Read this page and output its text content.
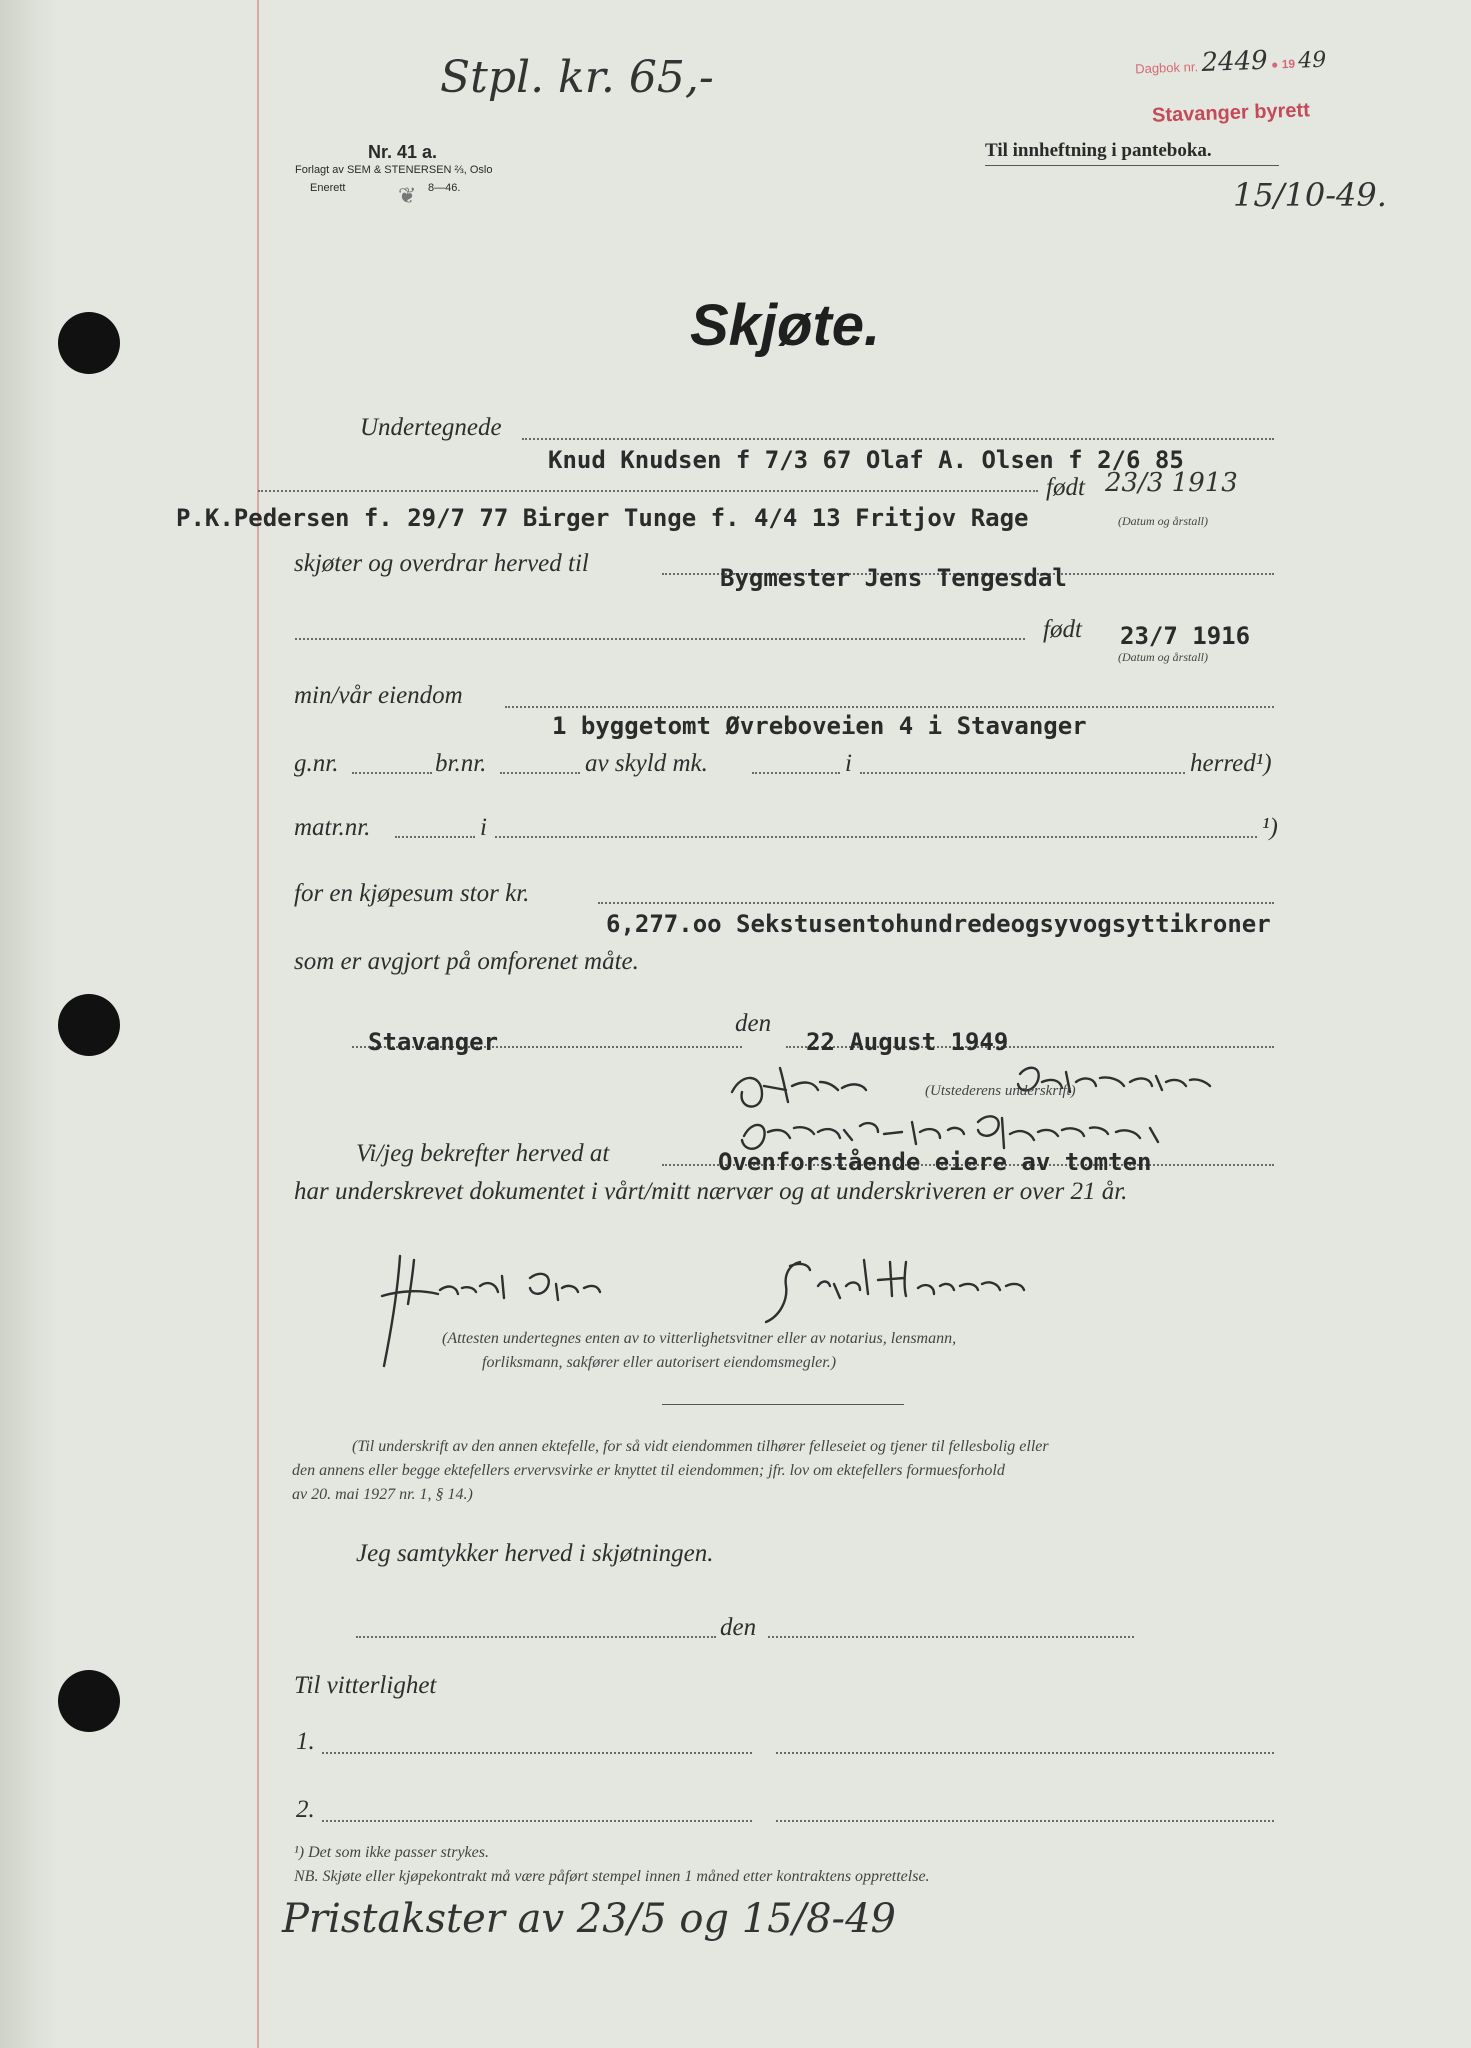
Stpl. kr. 65,-
Nr. 41 a.
Forlagt av SEM & STENERSEN ⅔, Oslo
Enerett ❦ 8—46.
Til innheftning i panteboka.
Dagbok nr. 2449 ● 19 49
Stavanger byrett
15/10-49.
Skjøte.
Undertegnede
Knud Knudsen f 7/3 67 Olaf A. Olsen f 2/6 85
født 23/3 1913
P.K.Pedersen f. 29/7 77 Birger Tunge f. 4/4 13 Fritjov Rage	(Datum og årstall)
skjøter og overdrar herved til
Bygmester Jens Tengesdal
født 23/7 1916
(Datum og årstall)
min/vår eiendom
1 byggetomt Øvreboveien 4 i Stavanger
g.nr.	br.nr.	av skyld mk.	i	herred¹)
matr.nr.	i	¹)
for en kjøpesum stor kr.
6,277.oo Sekstusentohundredeogsyvogsyttikroner
som er avgjort på omforenet måte.
Stavanger
den
22 August 1949
(Utstederens underskrift)
Vi/jeg bekrefter herved at	Ovenforstående eiere av tomten
har underskrevet dokumentet i vårt/mitt nærvær og at underskriveren er over 21 år.
(Attesten undertegnes enten av to vitterlighetsvitner eller av notarius, lensmann,
forliksmann, sakfører eller autorisert eiendomsmegler.)
(Til underskrift av den annen ektefelle, for så vidt eiendommen tilhører felleseiet og tjener til fellesbolig eller
den annens eller begge ektefellers ervervsvirke er knyttet til eiendommen; jfr. lov om ektefellers formuesforhold
av 20. mai 1927 nr. 1, § 14.)
Jeg samtykker herved i skjøtningen.
den
Til vitterlighet
1.
2.
¹) Det som ikke passer strykes.
NB. Skjøte eller kjøpekontrakt må være påført stempel innen 1 måned etter kontraktens opprettelse.
Pristakster av 23/5 og 15/8-49
